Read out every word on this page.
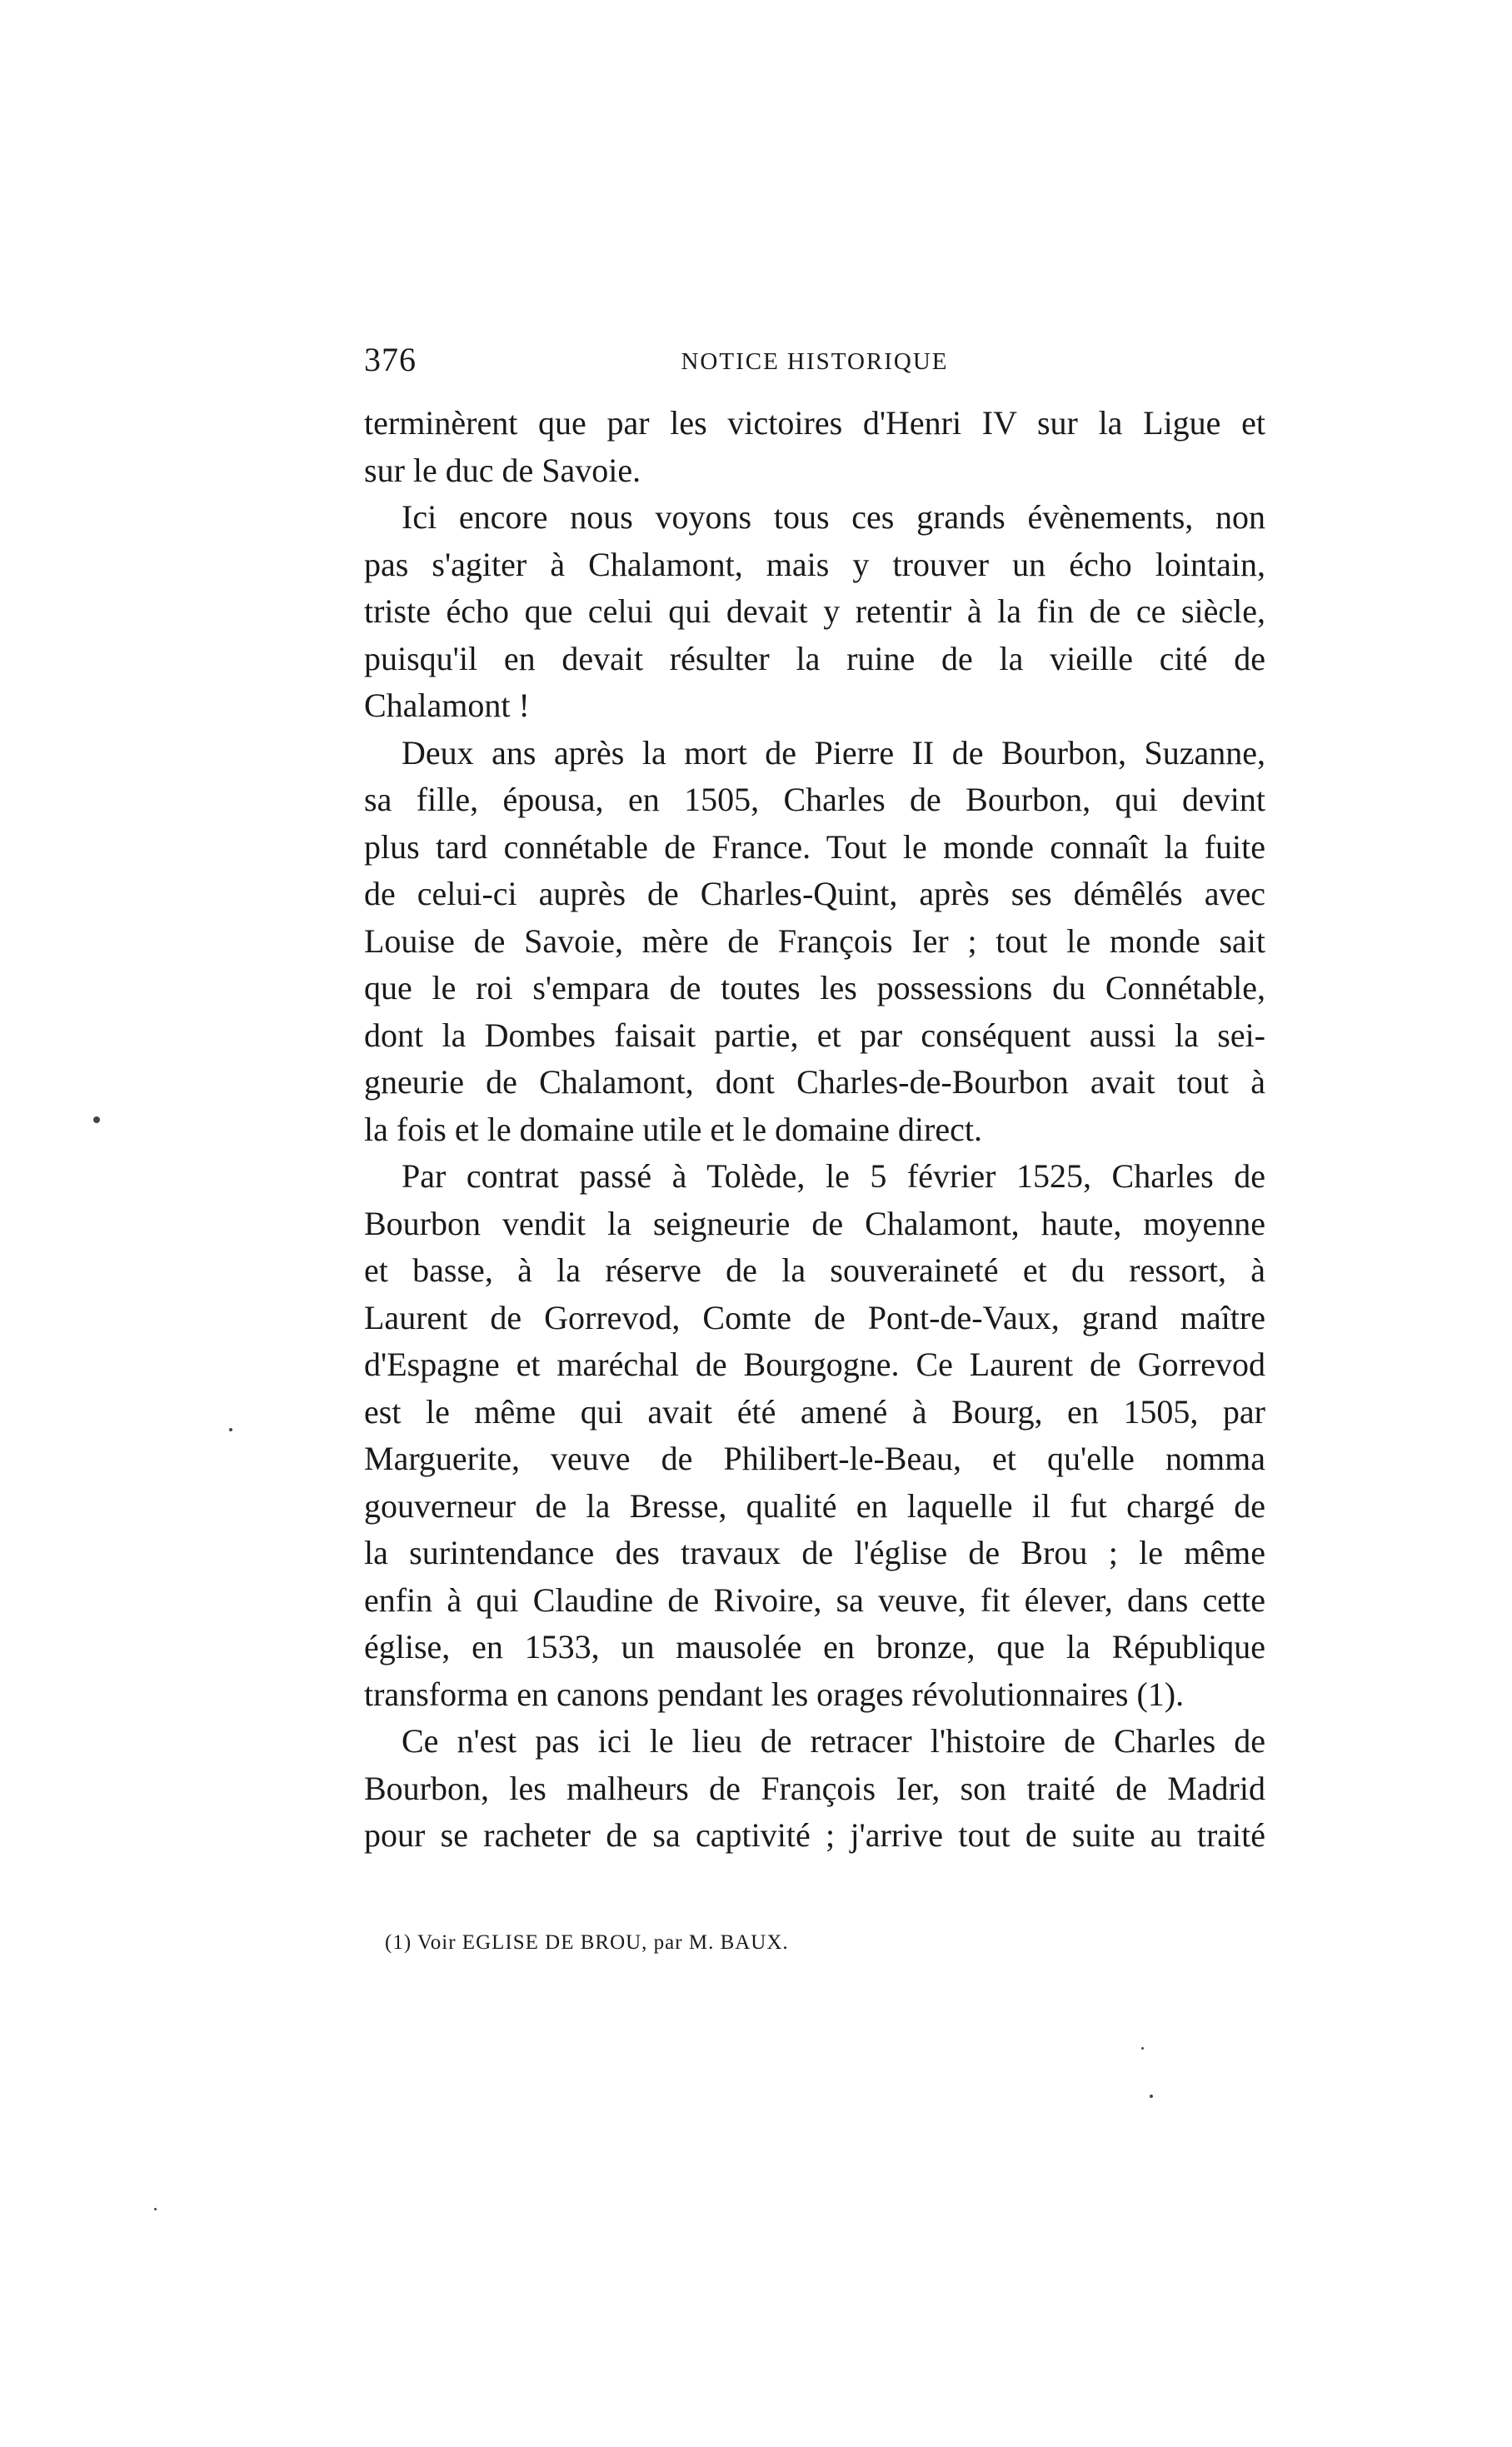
376	NOTICE HISTORIQUE
terminèrent que par les victoires d'Henri IV sur la Ligue et
sur le duc de Savoie.
Ici encore nous voyons tous ces grands évènements, non
pas s'agiter à Chalamont, mais y trouver un écho lointain,
triste écho que celui qui devait y retentir à la fin de ce siècle,
puisqu'il en devait résulter la ruine de la vieille cité de
Chalamont !
Deux ans après la mort de Pierre II de Bourbon, Suzanne,
sa fille, épousa, en 1505, Charles de Bourbon, qui devint
plus tard connétable de France. Tout le monde connaît la fuite
de celui-ci auprès de Charles-Quint, après ses démêlés avec
Louise de Savoie, mère de François Ier ; tout le monde sait
que le roi s'empara de toutes les possessions du Connétable,
dont la Dombes faisait partie, et par conséquent aussi la sei-
gneurie de Chalamont, dont Charles-de-Bourbon avait tout à
la fois et le domaine utile et le domaine direct.
Par contrat passé à Tolède, le 5 février 1525, Charles de
Bourbon vendit la seigneurie de Chalamont, haute, moyenne
et basse, à la réserve de la souveraineté et du ressort, à
Laurent de Gorrevod, Comte de Pont-de-Vaux, grand maître
d'Espagne et maréchal de Bourgogne. Ce Laurent de Gorrevod
est le même qui avait été amené à Bourg, en 1505, par
Marguerite, veuve de Philibert-le-Beau, et qu'elle nomma
gouverneur de la Bresse, qualité en laquelle il fut chargé de
la surintendance des travaux de l'église de Brou ; le même
enfin à qui Claudine de Rivoire, sa veuve, fit élever, dans cette
église, en 1533, un mausolée en bronze, que la République
transforma en canons pendant les orages révolutionnaires (1).
Ce n'est pas ici le lieu de retracer l'histoire de Charles de
Bourbon, les malheurs de François Ier, son traité de Madrid
pour se racheter de sa captivité ; j'arrive tout de suite au traité
(1) Voir EGLISE DE BROU, par M. BAUX.
